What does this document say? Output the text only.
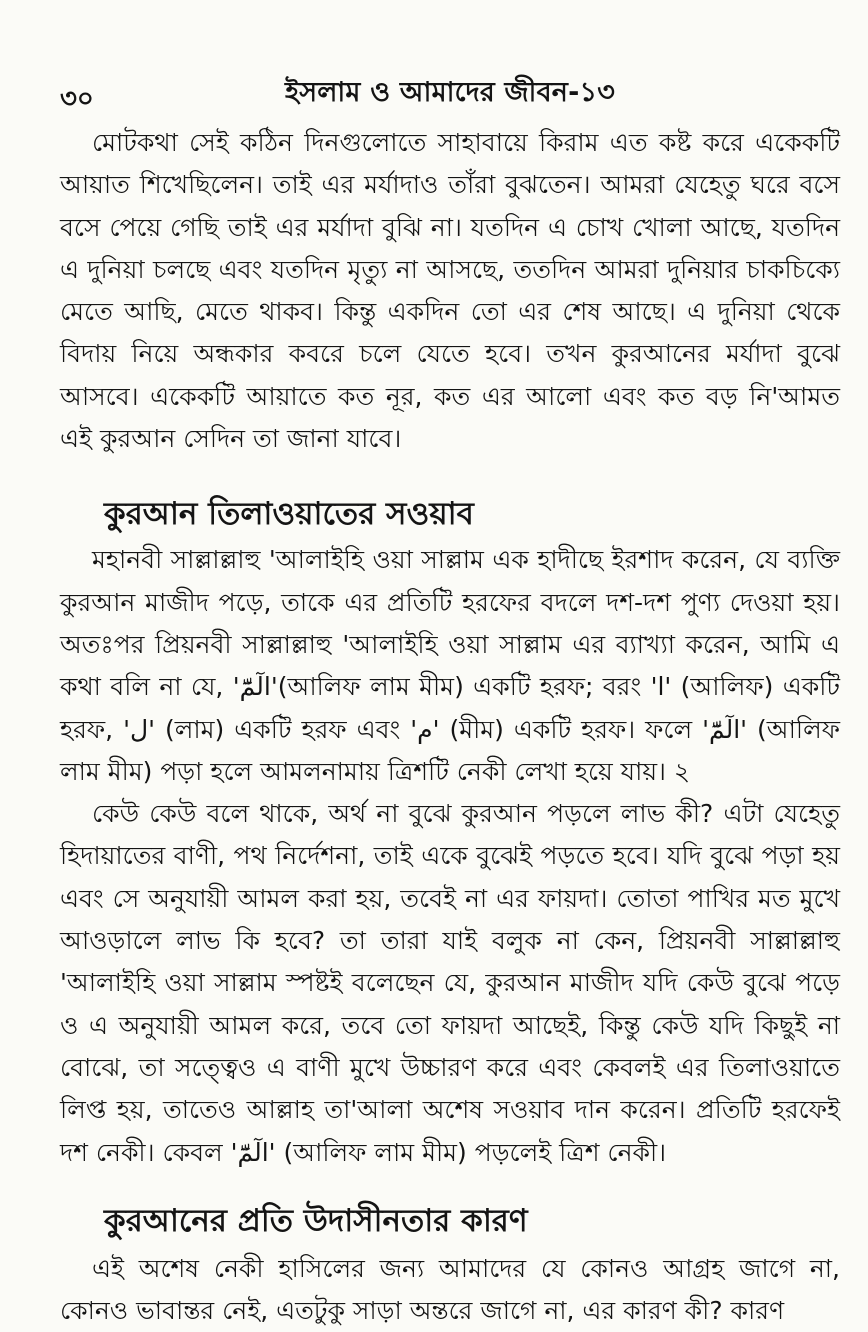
৩০	ইসলাম ও আমাদের জীবন-১৩

মোটকথা সেই কঠিন দিনগুলোতে সাহাবায়ে কিরাম এত কষ্ট করে একেকটি আয়াত শিখেছিলেন। তাই এর মর্যাদাও তাঁরা বুঝতেন। আমরা যেহেতু ঘরে বসে বসে পেয়ে গেছি তাই এর মর্যাদা বুঝি না। যতদিন এ চোখ খোলা আছে, যতদিন এ দুনিয়া চলছে এবং যতদিন মৃত্যু না আসছে, ততদিন আমরা দুনিয়ার চাকচিক্যে মেতে আছি, মেতে থাকব। কিন্তু একদিন তো এর শেষ আছে। এ দুনিয়া থেকে বিদায় নিয়ে অন্ধকার কবরে চলে যেতে হবে। তখন কুরআনের মর্যাদা বুঝে আসবে। একেকটি আয়াতে কত নূর, কত এর আলো এবং কত বড় নি'আমত এই কুরআন সেদিন তা জানা যাবে।

কুরআন তিলাওয়াতের সওয়াব

মহানবী সাল্লাল্লাহু 'আলাইহি ওয়া সাল্লাম এক হাদীছে ইরশাদ করেন, যে ব্যক্তি কুরআন মাজীদ পড়ে, তাকে এর প্রতিটি হরফের বদলে দশ-দশ পুণ্য দেওয়া হয়। অতঃপর প্রিয়নবী সাল্লাল্লাহু 'আলাইহি ওয়া সাল্লাম এর ব্যাখ্যা করেন, আমি এ কথা বলি না যে, 'الٓمّٓ'(আলিফ লাম মীম) একটি হরফ; বরং 'ا' (আলিফ) একটি হরফ, 'ل' (লাম) একটি হরফ এবং 'م' (মীম) একটি হরফ। ফলে 'الٓمّٓ' (আলিফ লাম মীম) পড়া হলে আমলনামায় ত্রিশটি নেকী লেখা হয়ে যায়। ২

কেউ কেউ বলে থাকে, অর্থ না বুঝে কুরআন পড়লে লাভ কী? এটা যেহেতু হিদায়াতের বাণী, পথ নির্দেশনা, তাই একে বুঝেই পড়তে হবে। যদি বুঝে পড়া হয় এবং সে অনুযায়ী আমল করা হয়, তবেই না এর ফায়দা। তোতা পাখির মত মুখে আওড়ালে লাভ কি হবে? তা তারা যাই বলুক না কেন, প্রিয়নবী সাল্লাল্লাহু 'আলাইহি ওয়া সাল্লাম স্পষ্টই বলেছেন যে, কুরআন মাজীদ যদি কেউ বুঝে পড়ে ও এ অনুযায়ী আমল করে, তবে তো ফায়দা আছেই, কিন্তু কেউ যদি কিছুই না বোঝে, তা সত্ত্বেও এ বাণী মুখে উচ্চারণ করে এবং কেবলই এর তিলাওয়াতে লিপ্ত হয়, তাতেও আল্লাহ তা'আলা অশেষ সওয়াব দান করেন। প্রতিটি হরফেই দশ নেকী। কেবল 'الٓمّٓ' (আলিফ লাম মীম) পড়লেই ত্রিশ নেকী।

কুরআনের প্রতি উদাসীনতার কারণ

এই অশেষ নেকী হাসিলের জন্য আমাদের যে কোনও আগ্রহ জাগে না, কোনও ভাবান্তর নেই, এতটুকু সাড়া অন্তরে জাগে না, এর কারণ কী? কারণ
